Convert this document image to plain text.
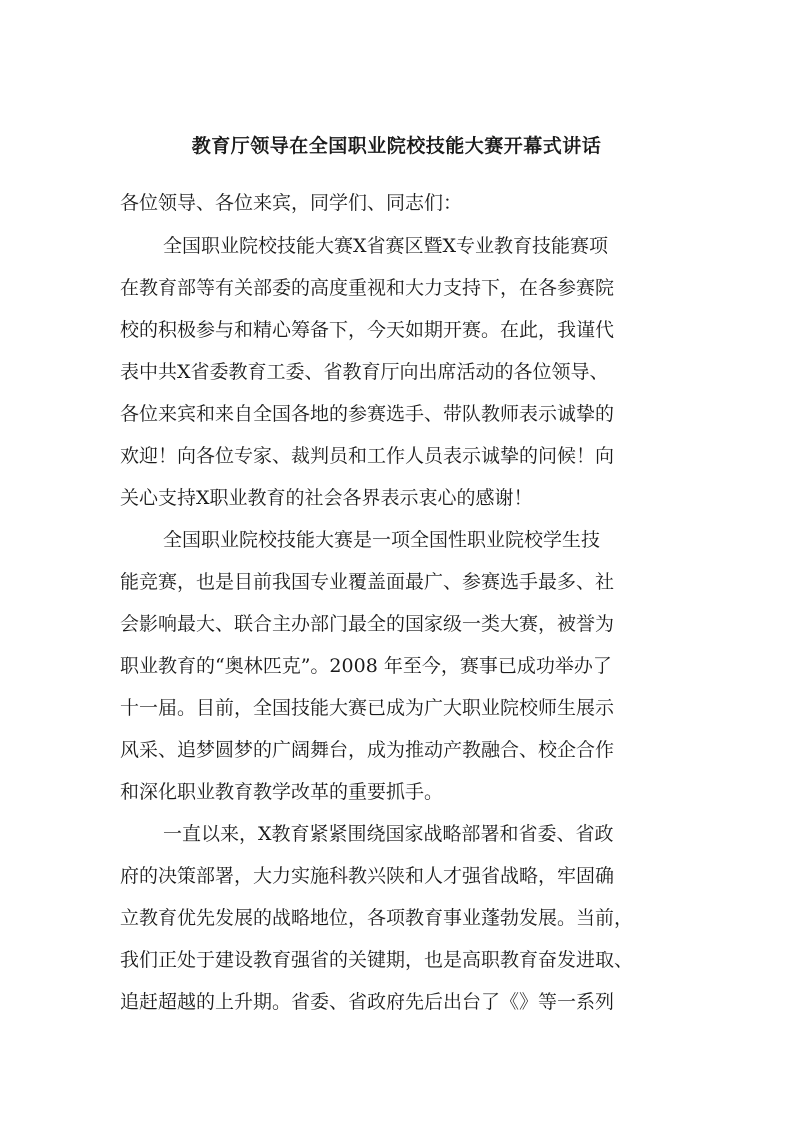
教育厅领导在全国职业院校技能大赛开幕式讲话
各位领导、各位来宾，同学们、同志们：
全国职业院校技能大赛X省赛区暨X专业教育技能赛项
在教育部等有关部委的高度重视和大力支持下，在各参赛院
校的积极参与和精心筹备下，今天如期开赛。在此，我谨代
表中共X省委教育工委、省教育厅向出席活动的各位领导、
各位来宾和来自全国各地的参赛选手、带队教师表示诚挚的
欢迎！向各位专家、裁判员和工作人员表示诚挚的问候！向
关心支持X职业教育的社会各界表示衷心的感谢！
全国职业院校技能大赛是一项全国性职业院校学生技
能竞赛，也是目前我国专业覆盖面最广、参赛选手最多、社
会影响最大、联合主办部门最全的国家级一类大赛，被誉为
职业教育的“奥林匹克”。2008 年至今，赛事已成功举办了
十一届。目前，全国技能大赛已成为广大职业院校师生展示
风采、追梦圆梦的广阔舞台，成为推动产教融合、校企合作
和深化职业教育教学改革的重要抓手。
一直以来，X教育紧紧围绕国家战略部署和省委、省政
府的决策部署，大力实施科教兴陕和人才强省战略，牢固确
立教育优先发展的战略地位，各项教育事业蓬勃发展。当前，
我们正处于建设教育强省的关键期，也是高职教育奋发进取、
追赶超越的上升期。省委、省政府先后出台了《》等一系列
